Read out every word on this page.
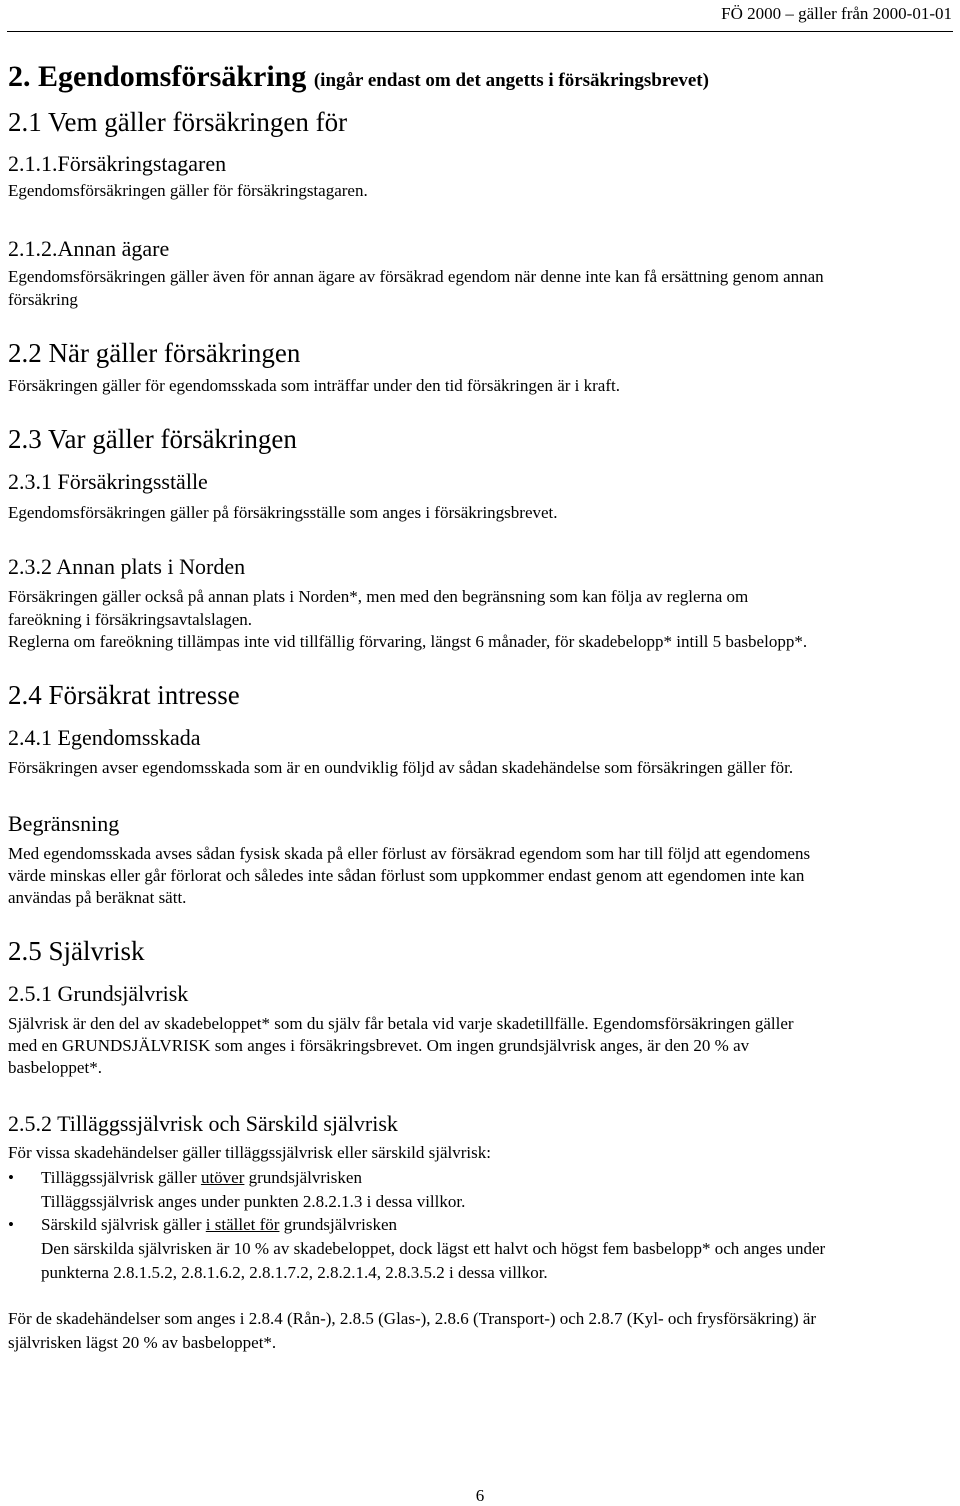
FÖ 2000 – gäller från 2000-01-01
2. Egendomsförsäkring (ingår endast om det angetts i försäkringsbrevet)
2.1 Vem gäller försäkringen för
2.1.1.Försäkringstagaren
Egendomsförsäkringen gäller för försäkringstagaren.
2.1.2.Annan ägare
Egendomsförsäkringen gäller även för annan ägare av försäkrad egendom när denne inte kan få ersättning genom annan
försäkring
2.2 När gäller försäkringen
Försäkringen gäller för egendomsskada som inträffar under den tid försäkringen är i kraft.
2.3 Var gäller försäkringen
2.3.1 Försäkringsställe
Egendomsförsäkringen gäller på försäkringsställe som anges i försäkringsbrevet.
2.3.2 Annan plats i Norden
Försäkringen gäller också på annan plats i Norden*, men med den begränsning som kan följa av reglerna om
fareökning i försäkringsavtalslagen.
Reglerna om fareökning tillämpas inte vid tillfällig förvaring, längst 6 månader, för skadebelopp* intill 5 basbelopp*.
2.4 Försäkrat intresse
2.4.1 Egendomsskada
Försäkringen avser egendomsskada som är en oundviklig följd av sådan skadehändelse som försäkringen gäller för.
Begränsning
Med egendomsskada avses sådan fysisk skada på eller förlust av försäkrad egendom som har till följd att egendomens
värde minskas eller går förlorat och således inte sådan förlust som uppkommer endast genom att egendomen inte kan
användas på beräknat sätt.
2.5 Självrisk
2.5.1 Grundsjälvrisk
Självrisk är den del av skadebeloppet* som du själv får betala vid varje skadetillfälle. Egendomsförsäkringen gäller
med en GRUNDSJÄLVRISK som anges i försäkringsbrevet. Om ingen grundsjälvrisk anges, är den 20 % av
basbeloppet*.
2.5.2 Tilläggssjälvrisk och Särskild självrisk
För vissa skadehändelser gäller tilläggssjälvrisk eller särskild självrisk:
• Tilläggssjälvrisk gäller utöver grundsjälvrisken
Tilläggssjälvrisk anges under punkten 2.8.2.1.3 i dessa villkor.
• Särskild självrisk gäller i stället för grundsjälvrisken
Den särskilda självrisken är 10 % av skadebeloppet, dock lägst ett halvt och högst fem basbelopp* och anges under
punkterna 2.8.1.5.2, 2.8.1.6.2, 2.8.1.7.2, 2.8.2.1.4, 2.8.3.5.2 i dessa villkor.
För de skadehändelser som anges i 2.8.4 (Rån-), 2.8.5 (Glas-), 2.8.6 (Transport-) och 2.8.7 (Kyl- och frysförsäkring) är
självrisken lägst 20 % av basbeloppet*.
6
